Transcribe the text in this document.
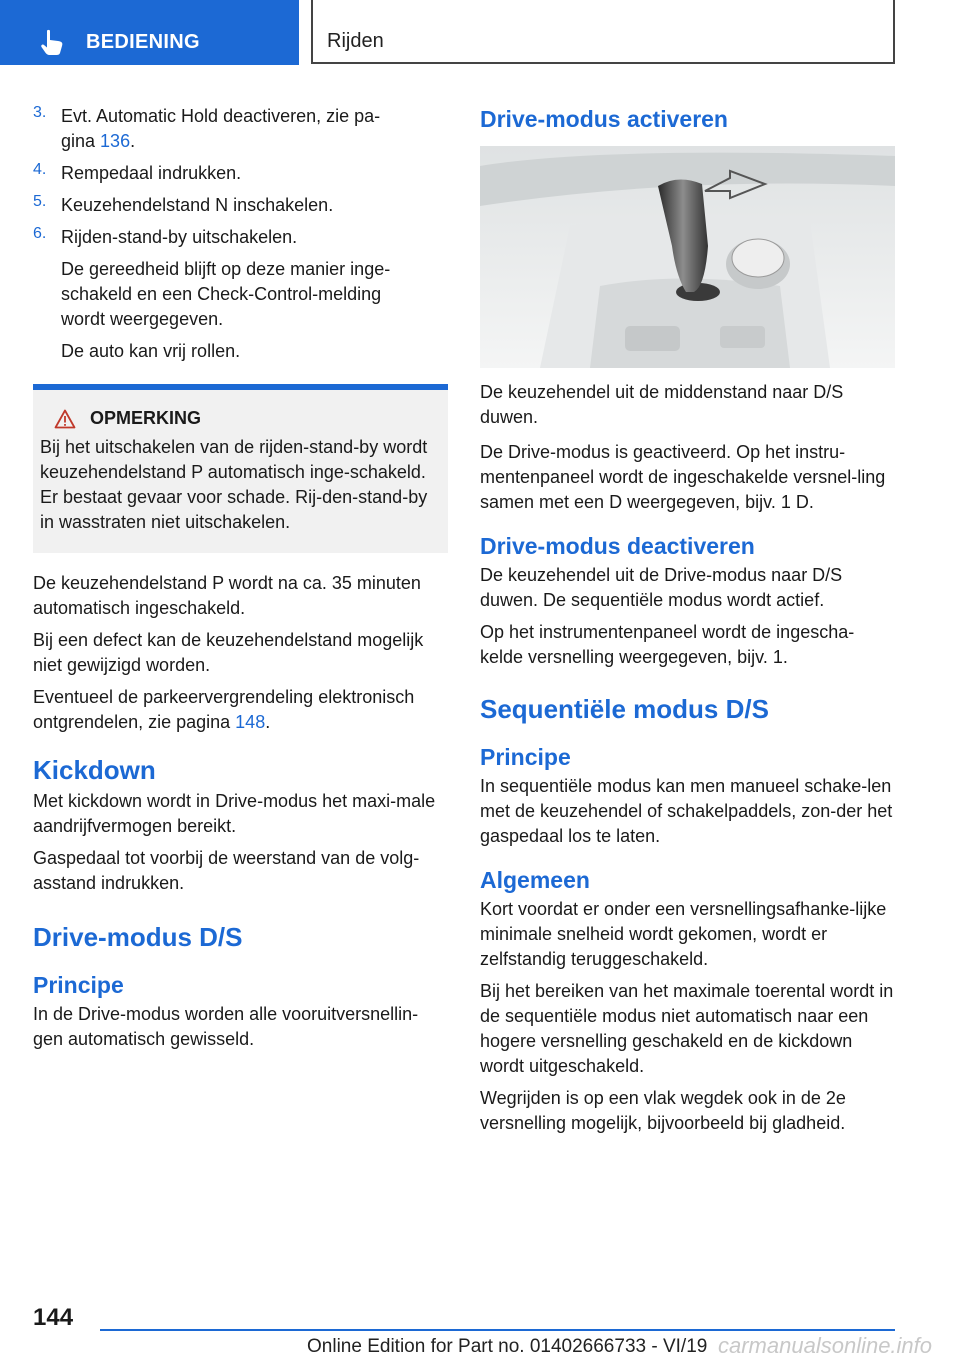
BEDIENING	Rijden
3. Evt. Automatic Hold deactiveren, zie pa-
gina 136.

4. Rempedaal indrukken.

5. Keuzehendelstand N inschakelen.

6. Rijden-stand-by uitschakelen.

De gereedheid blijft op deze manier inge-
schakeld en een Check-Control-melding
wordt weergegeven.

De auto kan vrij rollen.

OPMERKING

Bij het uitschakelen van de rijden-stand-by wordt keuzehendelstand P automatisch inge-schakeld. Er bestaat gevaar voor schade. Rij-den-stand-by in wasstraten niet uitschakelen.

De keuzehendelstand P wordt na ca. 35 minuten automatisch ingeschakeld.

Bij een defect kan de keuzehendelstand mogelijk niet gewijzigd worden.

Eventueel de parkeervergrendeling elektronisch ontgrendelen, zie pagina 148.

Kickdown

Met kickdown wordt in Drive-modus het maxi-male aandrijfvermogen bereikt.

Gaspedaal tot voorbij de weerstand van de volg-asstand indrukken.

Drive-modus D/S
Principe

In de Drive-modus worden alle vooruitversnellin-gen automatisch gewisseld.

Drive-modus activeren

De keuzehendel uit de middenstand naar D/S duwen.

De Drive-modus is geactiveerd. Op het instru-mentenpaneel wordt de ingeschakelde versnel-ling samen met een D weergegeven, bijv. 1 D.

Drive-modus deactiveren

De keuzehendel uit de Drive-modus naar D/S duwen. De sequentiële modus wordt actief.

Op het instrumentenpaneel wordt de ingescha-kelde versnelling weergegeven, bijv. 1.

Sequentiële modus D/S
Principe

In sequentiële modus kan men manueel schake-len met de keuzehendel of schakelpaddels, zon-der het gaspedaal los te laten.

Algemeen

Kort voordat er onder een versnellingsafhanke-lijke minimale snelheid wordt gekomen, wordt er zelfstandig teruggeschakeld.

Bij het bereiken van het maximale toerental wordt in de sequentiële modus niet automatisch naar een hogere versnelling geschakeld en de kickdown wordt uitgeschakeld.

Wegrijden is op een vlak wegdek ook in de 2e versnelling mogelijk, bijvoorbeeld bij gladheid.

144
Online Edition for Part no. 01402666733 - VI/19 carmanualsonline.info
